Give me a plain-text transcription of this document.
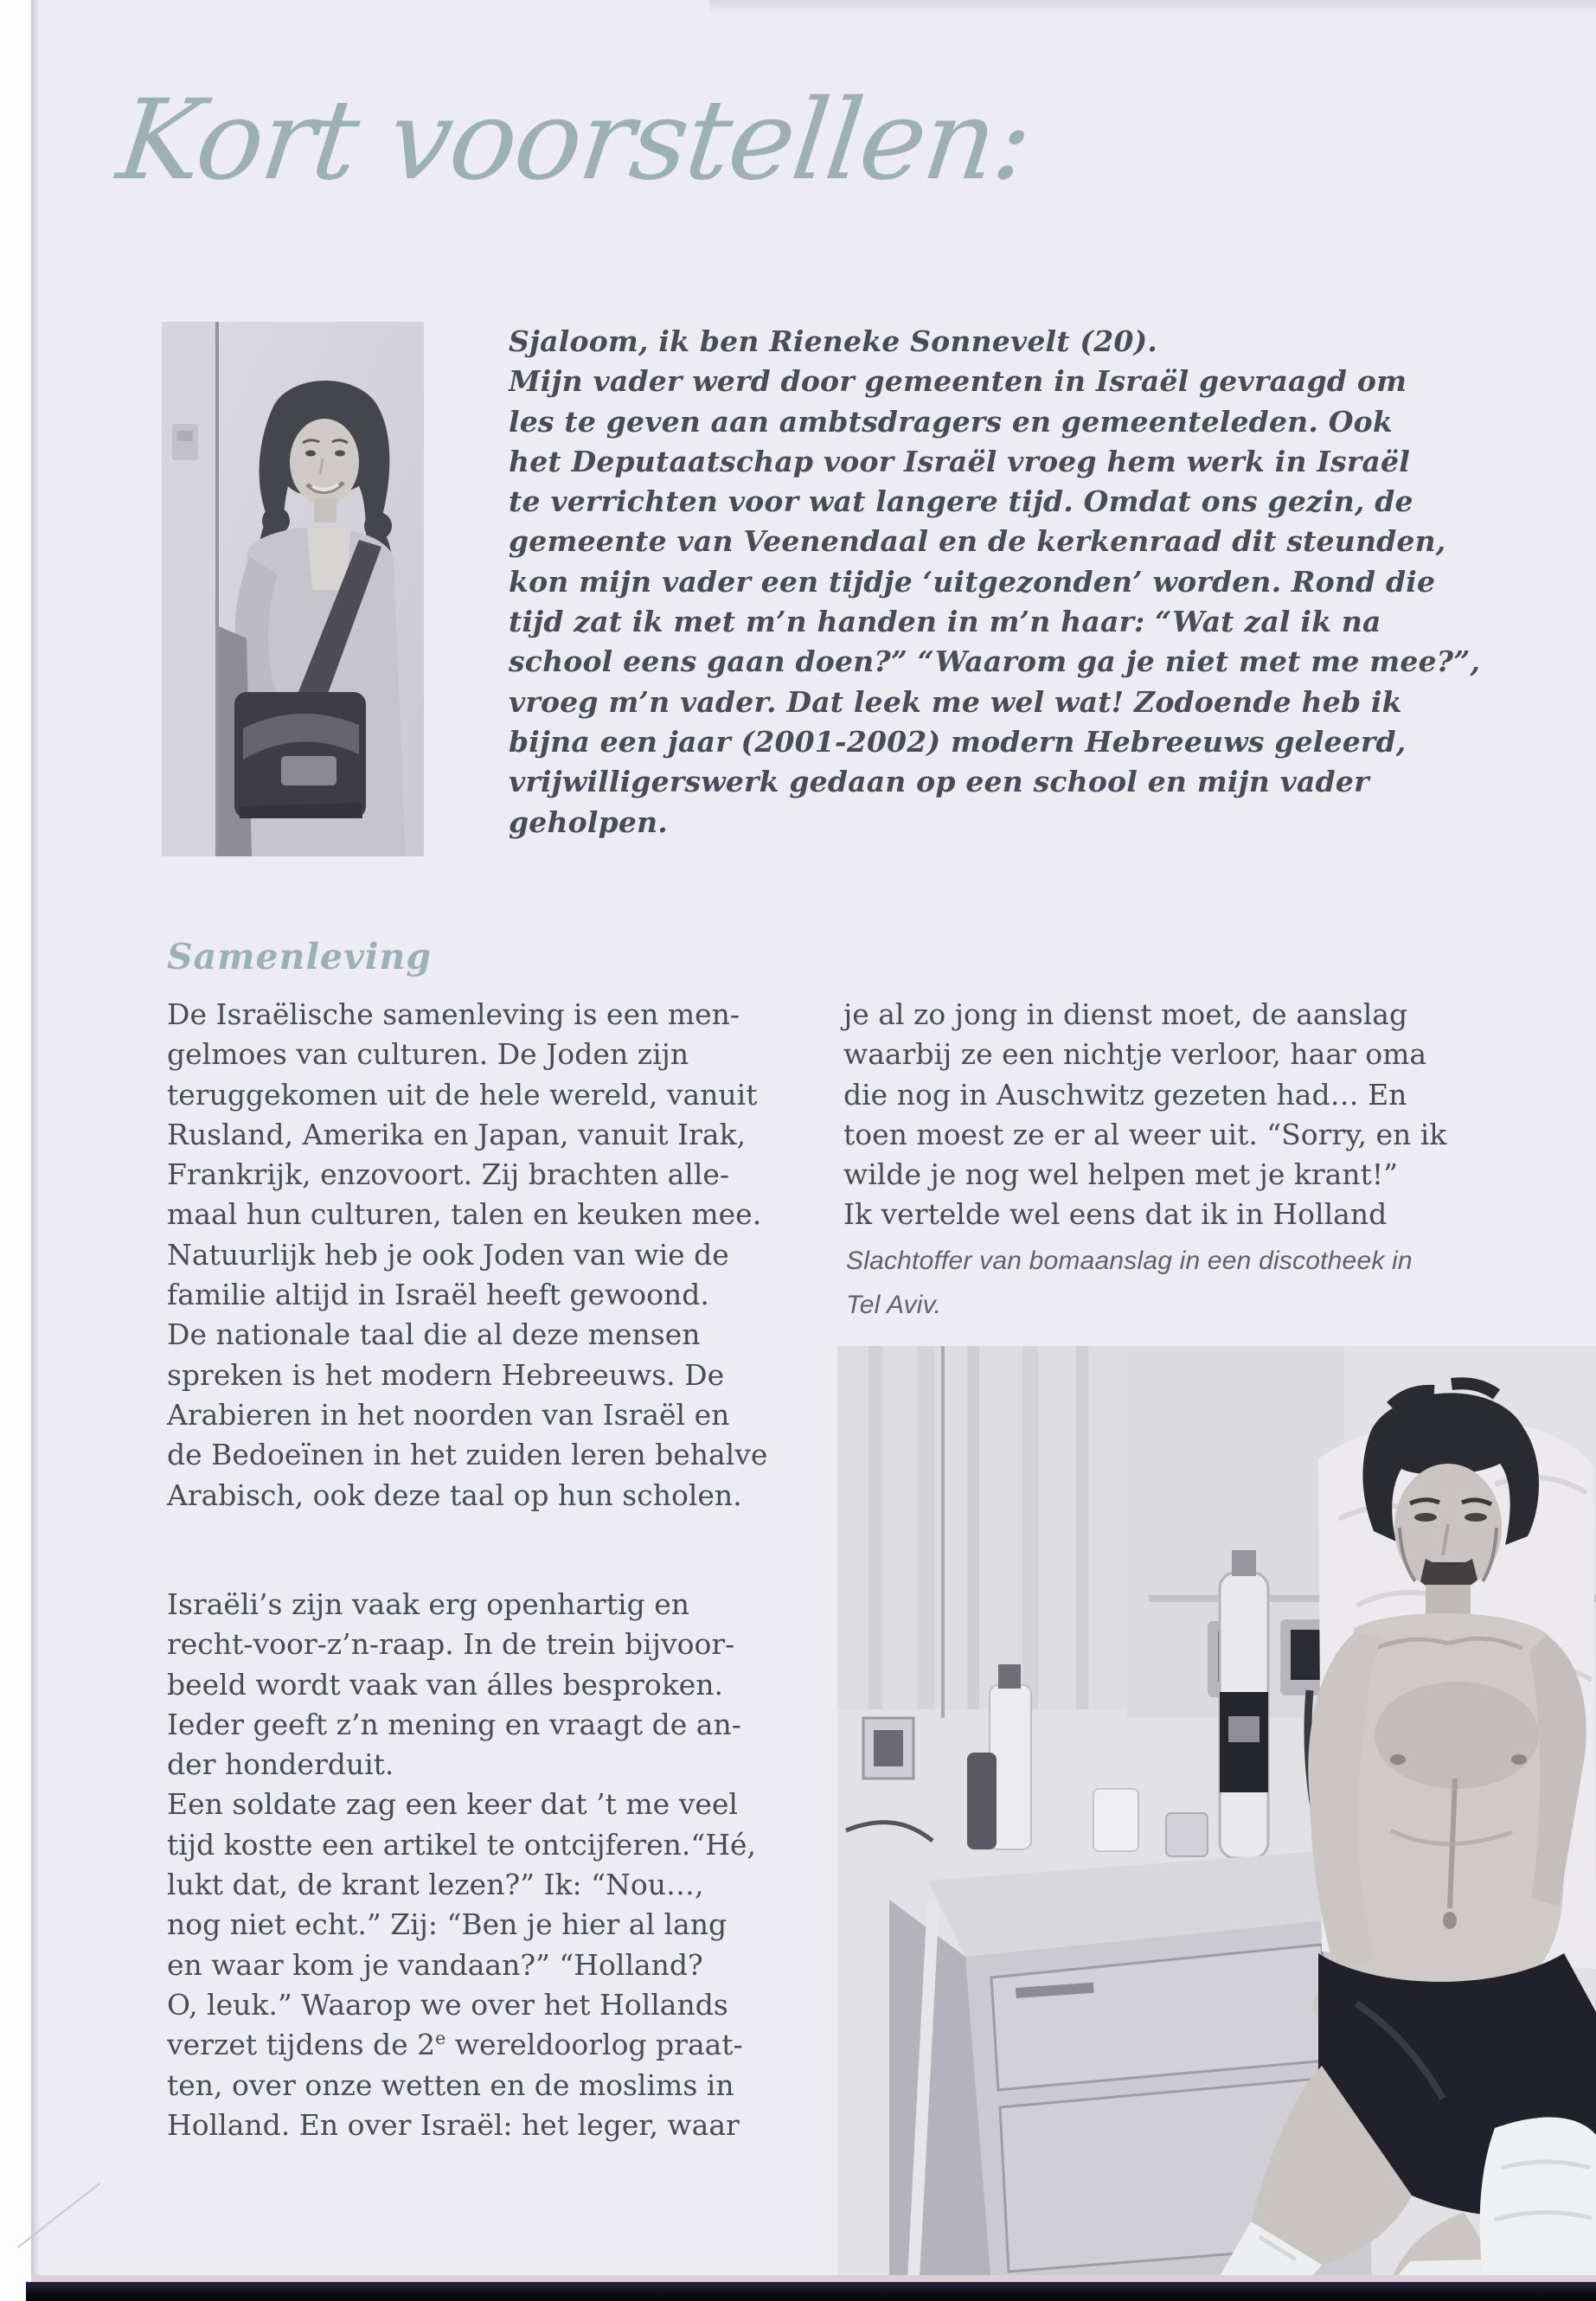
Kort voorstellen:
Sjaloom, ik ben Rieneke Sonnevelt (20).
Mijn vader werd door gemeenten in Israël gevraagd om
les te geven aan ambtsdragers en gemeenteleden. Ook
het Deputaatschap voor Israël vroeg hem werk in Israël
te verrichten voor wat langere tijd. Omdat ons gezin, de
gemeente van Veenendaal en de kerkenraad dit steunden,
kon mijn vader een tijdje ‘uitgezonden’ worden. Rond die
tijd zat ik met m’n handen in m’n haar: “Wat zal ik na
school eens gaan doen?” “Waarom ga je niet met me mee?”,
vroeg m’n vader. Dat leek me wel wat! Zodoende heb ik
bijna een jaar (2001-2002) modern Hebreeuws geleerd,
vrijwilligerswerk gedaan op een school en mijn vader
geholpen.
Samenleving
De Israëlische samenleving is een men-
gelmoes van culturen. De Joden zijn
teruggekomen uit de hele wereld, vanuit
Rusland, Amerika en Japan, vanuit Irak,
Frankrijk, enzovoort. Zij brachten alle-
maal hun culturen, talen en keuken mee.
Natuurlijk heb je ook Joden van wie de
familie altijd in Israël heeft gewoond.
De nationale taal die al deze mensen
spreken is het modern Hebreeuws. De
Arabieren in het noorden van Israël en
de Bedoeïnen in het zuiden leren behalve
Arabisch, ook deze taal op hun scholen.
Israëli’s zijn vaak erg openhartig en
recht-voor-z’n-raap. In de trein bijvoor-
beeld wordt vaak van álles besproken.
Ieder geeft z’n mening en vraagt de an-
der honderduit.
Een soldate zag een keer dat ’t me veel
tijd kostte een artikel te ontcijferen.“Hé,
lukt dat, de krant lezen?” Ik: “Nou…,
nog niet echt.” Zij: “Ben je hier al lang
en waar kom je vandaan?” “Holland?
O, leuk.” Waarop we over het Hollands
verzet tijdens de 2e wereldoorlog praat-
ten, over onze wetten en de moslims in
Holland. En over Israël: het leger, waar
je al zo jong in dienst moet, de aanslag
waarbij ze een nichtje verloor, haar oma
die nog in Auschwitz gezeten had… En
toen moest ze er al weer uit. “Sorry, en ik
wilde je nog wel helpen met je krant!”
Ik vertelde wel eens dat ik in Holland
Slachtoffer van bomaanslag in een discotheek in
Tel Aviv.
